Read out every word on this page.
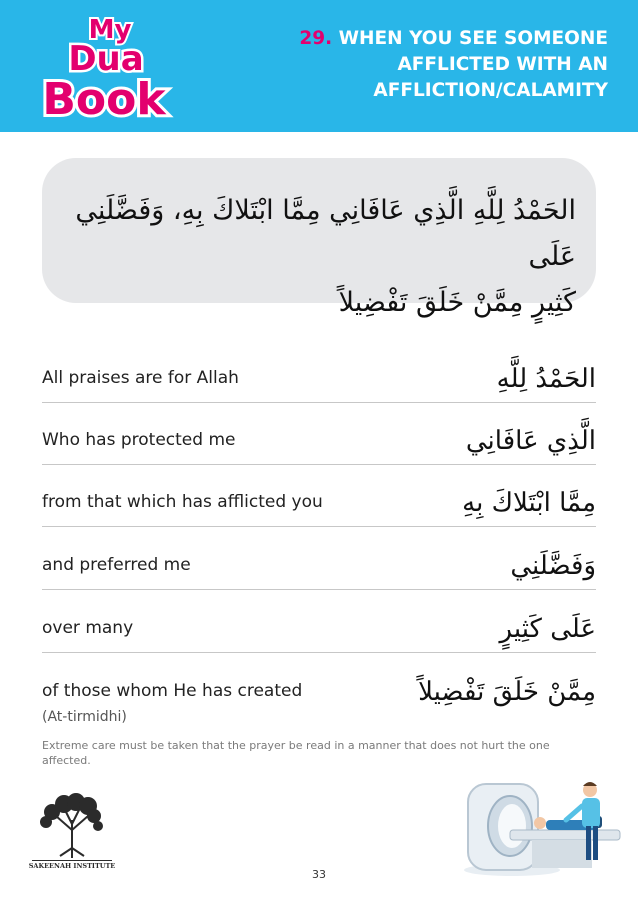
My
Dua
Book
29. WHEN YOU SEE SOMEONE AFFLICTED WITH AN AFFLICTION/CALAMITY
الحَمْدُ لِلَّهِ الَّذِي عَافَانِي مِمَّا ابْتَلاكَ بِهِ، وَفَضَّلَنِي عَلَى
كَثِيرٍ مِمَّنْ خَلَقَ تَفْضِيلاً
All praises are for Allah	الحَمْدُ لِلَّهِ
Who has protected me	الَّذِي عَافَانِي
from that which has afflicted you	مِمَّا ابْتَلاكَ بِهِ
and preferred me	وَفَضَّلَنِي
over many	عَلَى كَثِيرٍ
of those whom He has created	مِمَّنْ خَلَقَ تَفْضِيلاً
(At-tirmidhi)
Extreme care must be taken that the prayer be read in a manner that does not hurt the one affected.
SAKEENAH INSTITUTE
33
